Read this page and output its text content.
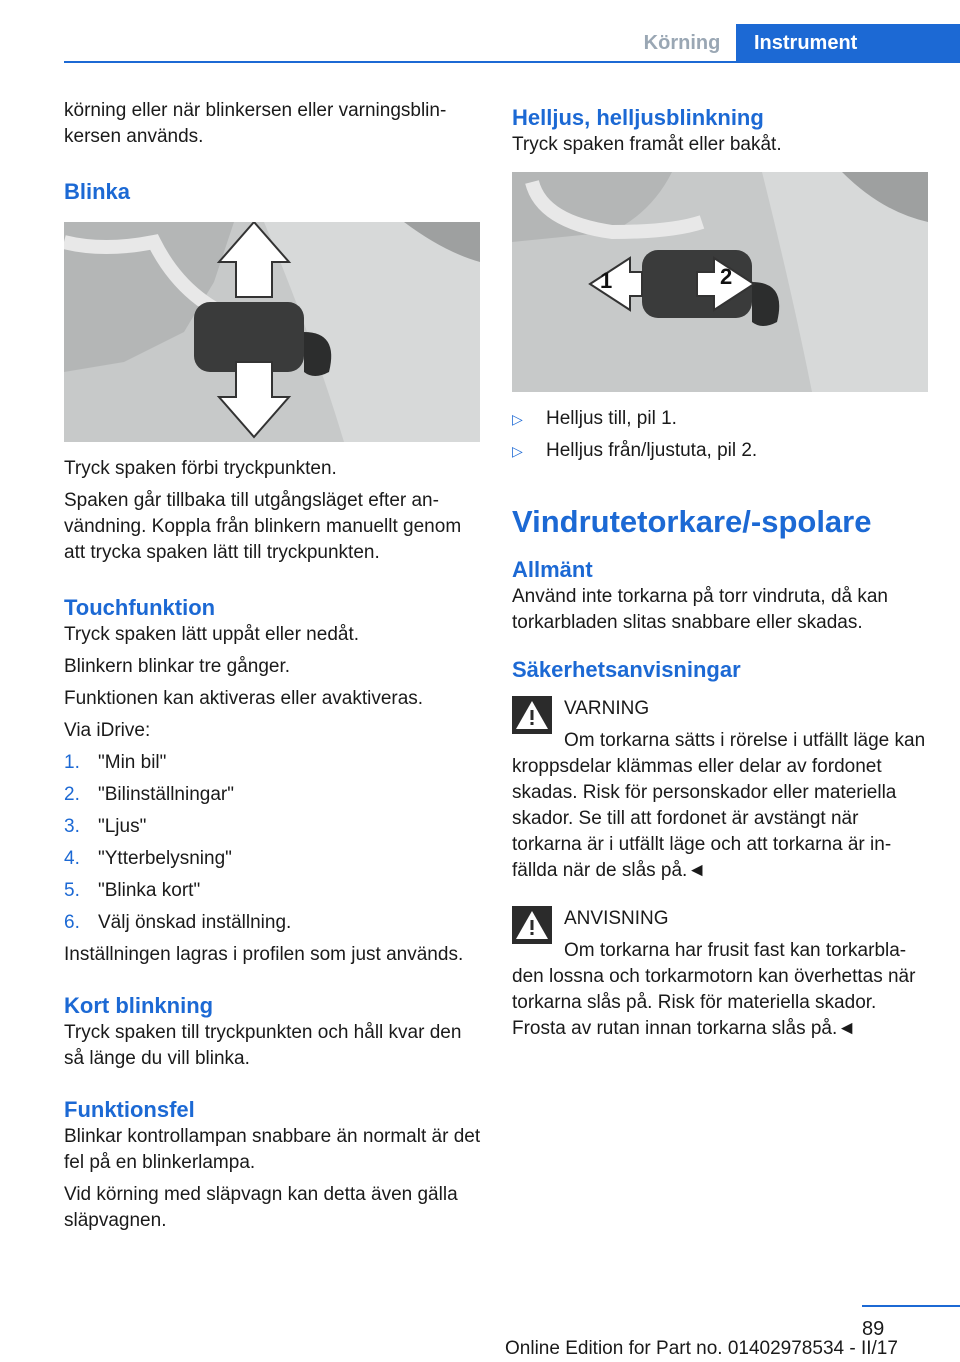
Körning	Instrument

körning eller när blinkersen eller varningsblinkersen används.

Blinka

Tryck spaken förbi tryckpunkten.

Spaken går tillbaka till utgångsläget efter användning. Koppla från blinkern manuellt genom att trycka spaken lätt till tryckpunkten.

Touchfunktion

Tryck spaken lätt uppåt eller nedåt.

Blinkern blinkar tre gånger.

Funktionen kan aktiveras eller avaktiveras.

Via iDrive:

1. "Min bil"
2. "Bilinställningar"
3. "Ljus"
4. "Ytterbelysning"
5. "Blinka kort"
6. Välj önskad inställning.

Inställningen lagras i profilen som just används.

Kort blinkning

Tryck spaken till tryckpunkten och håll kvar den så länge du vill blinka.

Funktionsfel

Blinkar kontrollampan snabbare än normalt är det fel på en blinkerlampa.

Vid körning med släpvagn kan detta även gälla släpvagnen.

Helljus, helljusblinkning

Tryck spaken framåt eller bakåt.

1	2
▷	Helljus till, pil 1.
▷	Helljus från/ljustuta, pil 2.
Vindrutetorkare/-spolare
Allmänt

Använd inte torkarna på torr vindruta, då kan torkarbladen slitas snabbare eller skadas.

Säkerhetsanvisningar

VARNING

Om torkarna sätts i rörelse i utfällt läge kan kroppsdelar klämmas eller delar av fordonet skadas. Risk för personskador eller materiella skador. Se till att fordonet är avstängt när torkarna är i utfällt läge och att torkarna är infällda när de slås på.◄

ANVISNING

Om torkarna har frusit fast kan torkarbladen lossna och torkarmotorn kan överhettas när torkarna slås på. Risk för materiella skador. Frosta av rutan innan torkarna slås på.◄

89
Online Edition for Part no. 01402978534 - II/17
